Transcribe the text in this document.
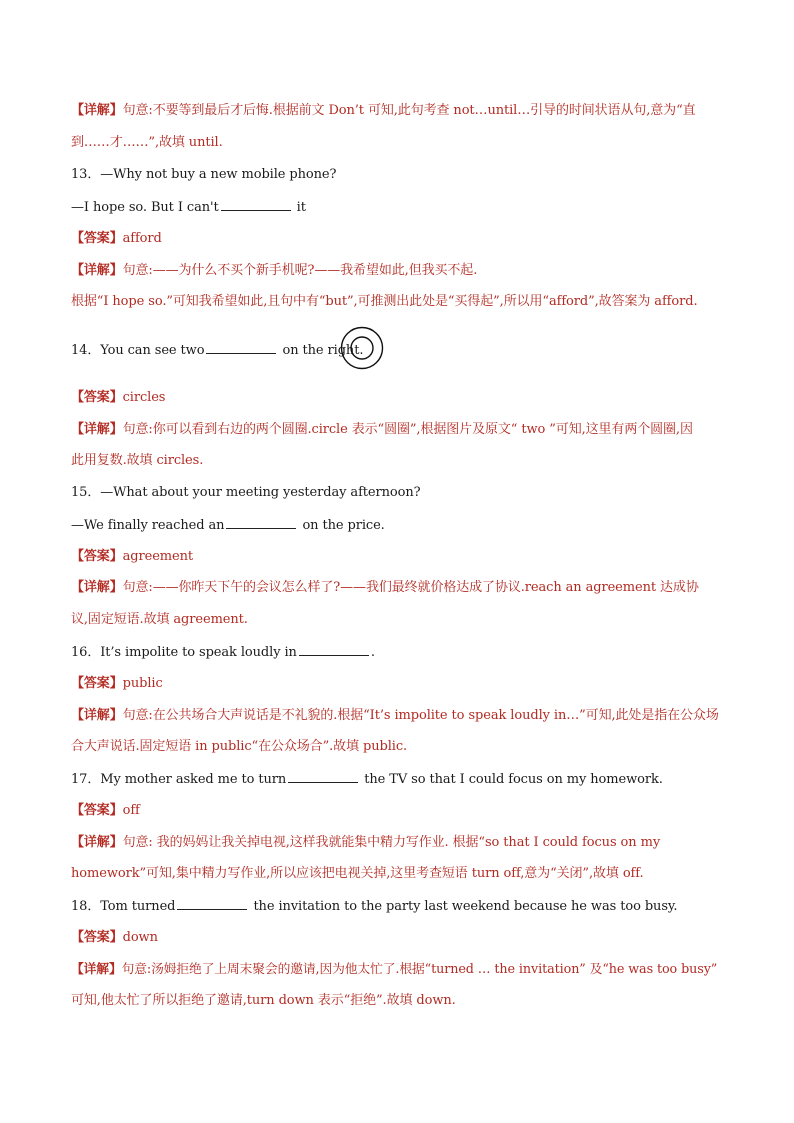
【详解】句意:不要等到最后才后悔.根据前文 Don’t 可知,此句考查 not…until…引导的时间状语从句,意为“直
到……才……”,故填 until.
13．—Why not buy a new mobile phone?
—I hope so. But I can't	it
【答案】afford
【详解】句意:——为什么不买个新手机呢?——我希望如此,但我买不起.
根据“I hope so.”可知我希望如此,且句中有“but”,可推测出此处是“买得起”,所以用“afford”,故答案为 afford.
14．You can see two	on the right.
【答案】circles
【详解】句意:你可以看到右边的两个圆圈.circle 表示“圆圈”,根据图片及原文“ two ”可知,这里有两个圆圈,因
此用复数.故填 circles.
15．—What about your meeting yesterday afternoon?
—We finally reached an	on the price.
【答案】agreement
【详解】句意:——你昨天下午的会议怎么样了?——我们最终就价格达成了协议.reach an agreement 达成协
议,固定短语.故填 agreement.
16．It’s impolite to speak loudly in	.
【答案】public
【详解】句意:在公共场合大声说话是不礼貌的.根据“It’s impolite to speak loudly in…”可知,此处是指在公众场
合大声说话.固定短语 in public“在公众场合”.故填 public.
17．My mother asked me to turn	the TV so that I could focus on my homework.
【答案】off
【详解】句意: 我的妈妈让我关掉电视,这样我就能集中精力写作业. 根据“so that I could focus on my
homework”可知,集中精力写作业,所以应该把电视关掉,这里考查短语 turn off,意为“关闭”,故填 off.
18．Tom turned	the invitation to the party last weekend because he was too busy.
【答案】down
【详解】句意:汤姆拒绝了上周末聚会的邀请,因为他太忙了.根据“turned … the invitation” 及“he was too busy”
可知,他太忙了所以拒绝了邀请,turn down 表示“拒绝”.故填 down.
